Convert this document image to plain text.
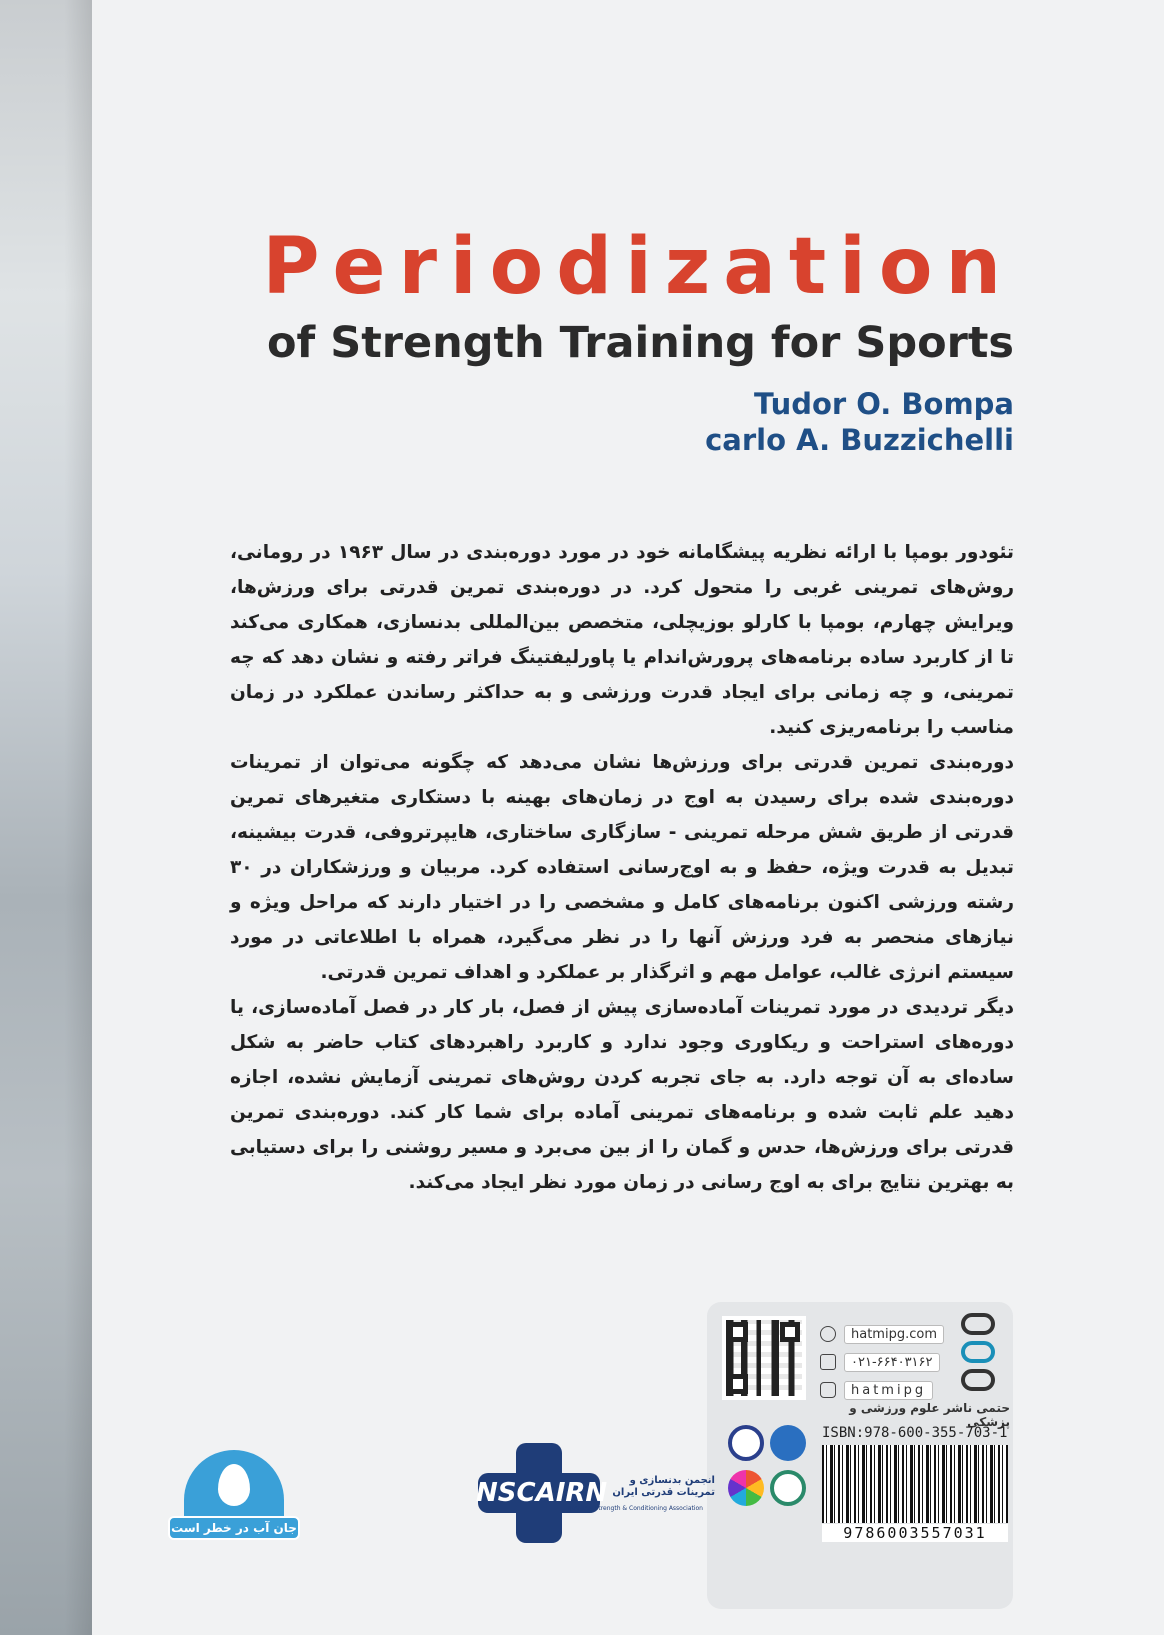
Periodization
of Strength Training for Sports
Tudor O. Bompa
carlo A. Buzzichelli

تئودور بومپا با ارائه نظریه پیشگامانه خود در مورد دوره‌بندی در سال ۱۹۶۳ در رومانی، روش‌های تمرینی غربی را متحول کرد. در دوره‌بندی تمرین قدرتی برای ورزش‌ها، ویرایش چهارم، بومپا با کارلو بوزیچلی، متخصص بین‌المللی بدنسازی، همکاری می‌کند تا از کاربرد ساده برنامه‌های پرورش‌اندام یا پاورلیفتینگ فراتر رفته و نشان دهد که چه تمرینی، و چه زمانی برای ایجاد قدرت ورزشی و به حداکثر رساندن عملکرد در زمان مناسب را برنامه‌ریزی کنید.

دوره‌بندی تمرین قدرتی برای ورزش‌ها نشان می‌دهد که چگونه می‌توان از تمرینات دوره‌بندی شده برای رسیدن به اوج در زمان‌های بهینه با دستکاری متغیرهای تمرین قدرتی از طریق شش مرحله تمرینی - سازگاری ساختاری، هایپرتروفی، قدرت بیشینه، تبدیل به قدرت ویژه، حفظ و به اوج‌رسانی استفاده کرد. مربیان و ورزشکاران در ۳۰ رشته ورزشی اکنون برنامه‌های کامل و مشخصی را در اختیار دارند که مراحل ویژه و نیازهای منحصر به فرد ورزش آنها را در نظر می‌گیرد، همراه با اطلاعاتی در مورد سیستم انرژی غالب، عوامل مهم و اثرگذار بر عملکرد و اهداف تمرین قدرتی.

دیگر تردیدی در مورد تمرینات آماده‌سازی پیش از فصل، بار کار در فصل آماده‌سازی، یا دوره‌های استراحت و ریکاوری وجود ندارد و کاربرد راهبردهای کتاب حاضر به شکل ساده‌ای به آن توجه دارد. به جای تجربه کردن روش‌های تمرینی آزمایش نشده، اجازه دهید علم ثابت شده و برنامه‌های تمرینی آماده برای شما کار کند. دوره‌بندی تمرین قدرتی برای ورزش‌ها، حدس و گمان را از بین می‌برد و مسیر روشنی را برای دستیابی به بهترین نتایج برای به اوج رسانی در زمان مورد نظر ایجاد می‌کند.

hatmipg.com
۰۲۱-۶۶۴۰۳۱۶۲
hatmipg
حتمی ناشر علوم ورزشی و پزشکی
ISBN:978-600-355-703-1
9786003557031
NSCAIRN	انجمن بدنسازی و تمرینات قدرتی ایران
IRANIAN Strength & Conditioning Association
جان آب در خطر است
